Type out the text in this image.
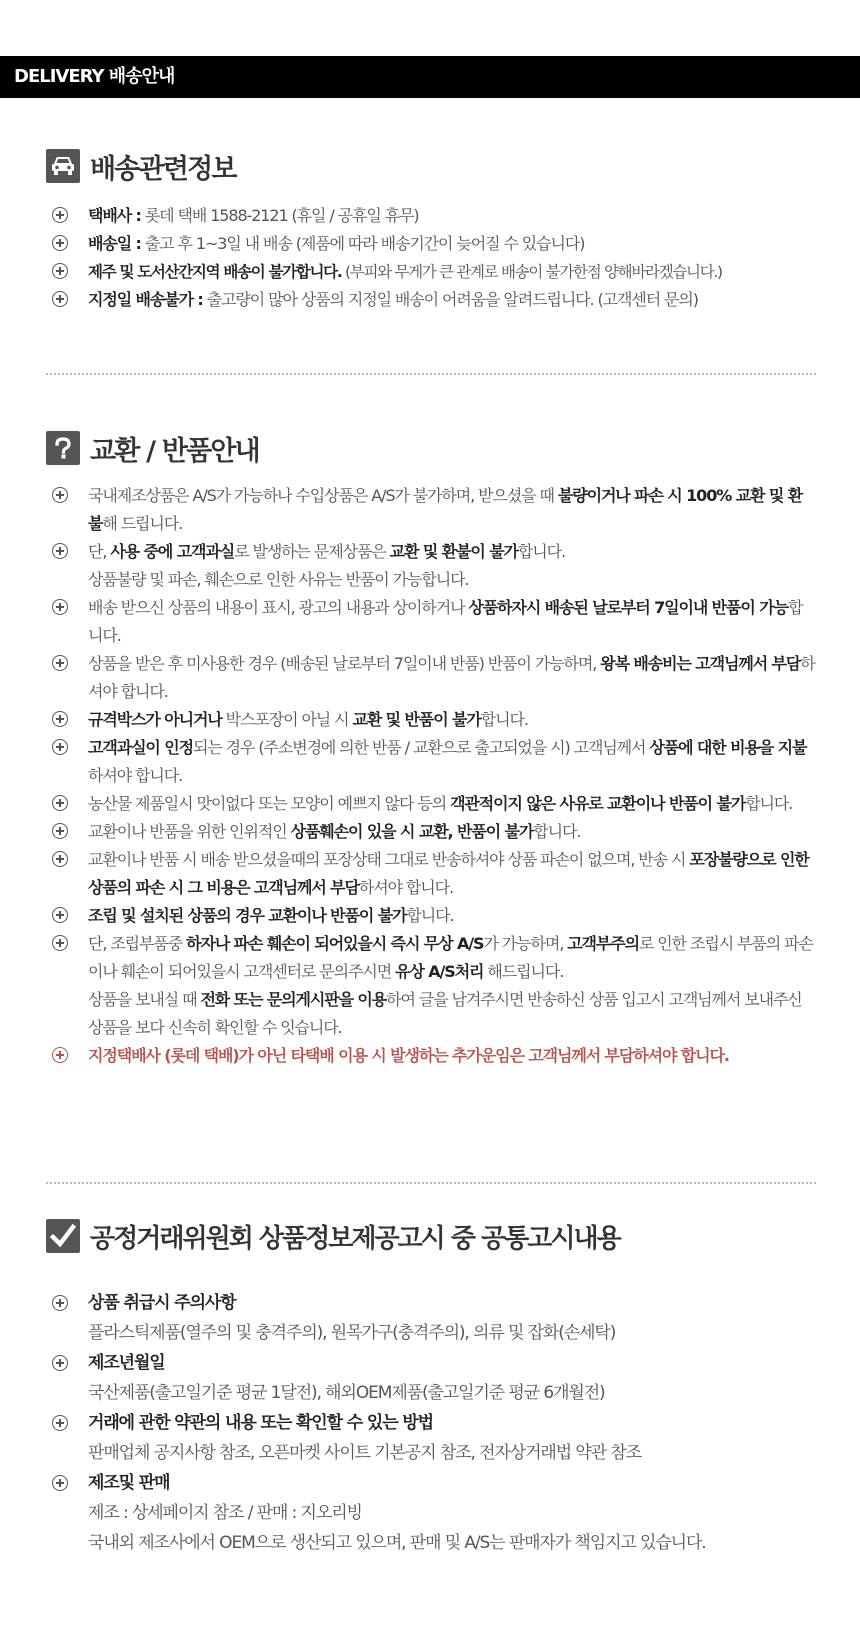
DELIVERY 배송안내
배송관련정보
택배사 : 롯데 택배 1588-2121 (휴일 / 공휴일 휴무)
배송일 : 출고 후 1~3일 내 배송 (제품에 따라 배송기간이 늦어질 수 있습니다)
제주 및 도서산간지역 배송이 불가합니다. (부피와 무게가 큰 관계로 배송이 불가한점 양해바라겠습니다.)
지정일 배송불가 : 출고량이 많아 상품의 지정일 배송이 어려움을 알려드립니다. (고객센터 문의)
교환 / 반품안내
국내제조상품은 A/S가 가능하나 수입상품은 A/S가 불가하며, 받으셨을 때 불량이거나 파손 시 100% 교환 및 환불해 드립니다.
단, 사용 중에 고객과실로 발생하는 문제상품은 교환 및 환불이 불가합니다.
상품불량 및 파손, 훼손으로 인한 사유는 반품이 가능합니다.
배송 받으신 상품의 내용이 표시, 광고의 내용과 상이하거나 상품하자시 배송된 날로부터 7일이내 반품이 가능합니다.
상품을 받은 후 미사용한 경우 (배송된 날로부터 7일이내 반품) 반품이 가능하며, 왕복 배송비는 고객님께서 부담하셔야 합니다.
규격박스가 아니거나 박스포장이 아닐 시 교환 및 반품이 불가합니다.
고객과실이 인정되는 경우 (주소변경에 의한 반품 / 교환으로 출고되었을 시) 고객님께서 상품에 대한 비용을 지불하셔야 합니다.
농산물 제품일시 맛이없다 또는 모양이 예쁘지 않다 등의 객관적이지 않은 사유로 교환이나 반품이 불가합니다.
교환이나 반품을 위한 인위적인 상품훼손이 있을 시 교환, 반품이 불가합니다.
교환이나 반품 시 배송 받으셨을때의 포장상태 그대로 반송하셔야 상품 파손이 없으며, 반송 시 포장불량으로 인한 상품의 파손 시 그 비용은 고객님께서 부담하셔야 합니다.
조립 및 설치된 상품의 경우 교환이나 반품이 불가합니다.
단, 조립부품중 하자나 파손 훼손이 되어있을시 즉시 무상 A/S가 가능하며, 고객부주의로 인한 조립시 부품의 파손이나 훼손이 되어있을시 고객센터로 문의주시면 유상 A/S처리 해드립니다.
상품을 보내실 때 전화 또는 문의게시판을 이용하여 글을 남겨주시면 반송하신 상품 입고시 고객님께서 보내주신 상품을 보다 신속히 확인할 수 잇습니다.
지정택배사 (롯데 택배)가 아닌 타택배 이용 시 발생하는 추가운임은 고객님께서 부담하셔야 합니다.
공정거래위원회 상품정보제공고시 중 공통고시내용
상품 취급시 주의사항
플라스틱제품(열주의 및 충격주의), 원목가구(충격주의), 의류 및 잡화(손세탁)
제조년월일
국산제품(출고일기준 평균 1달전), 해외OEM제품(출고일기준 평균 6개월전)
거래에 관한 약관의 내용 또는 확인할 수 있는 방법
판매업체 공지사항 참조, 오픈마켓 사이트 기본공지 참조, 전자상거래법 약관 참조
제조및 판매
제조 : 상세페이지 참조 / 판매 : 지오리빙
국내외 제조사에서 OEM으로 생산되고 있으며, 판매 및 A/S는 판매자가 책임지고 있습니다.
